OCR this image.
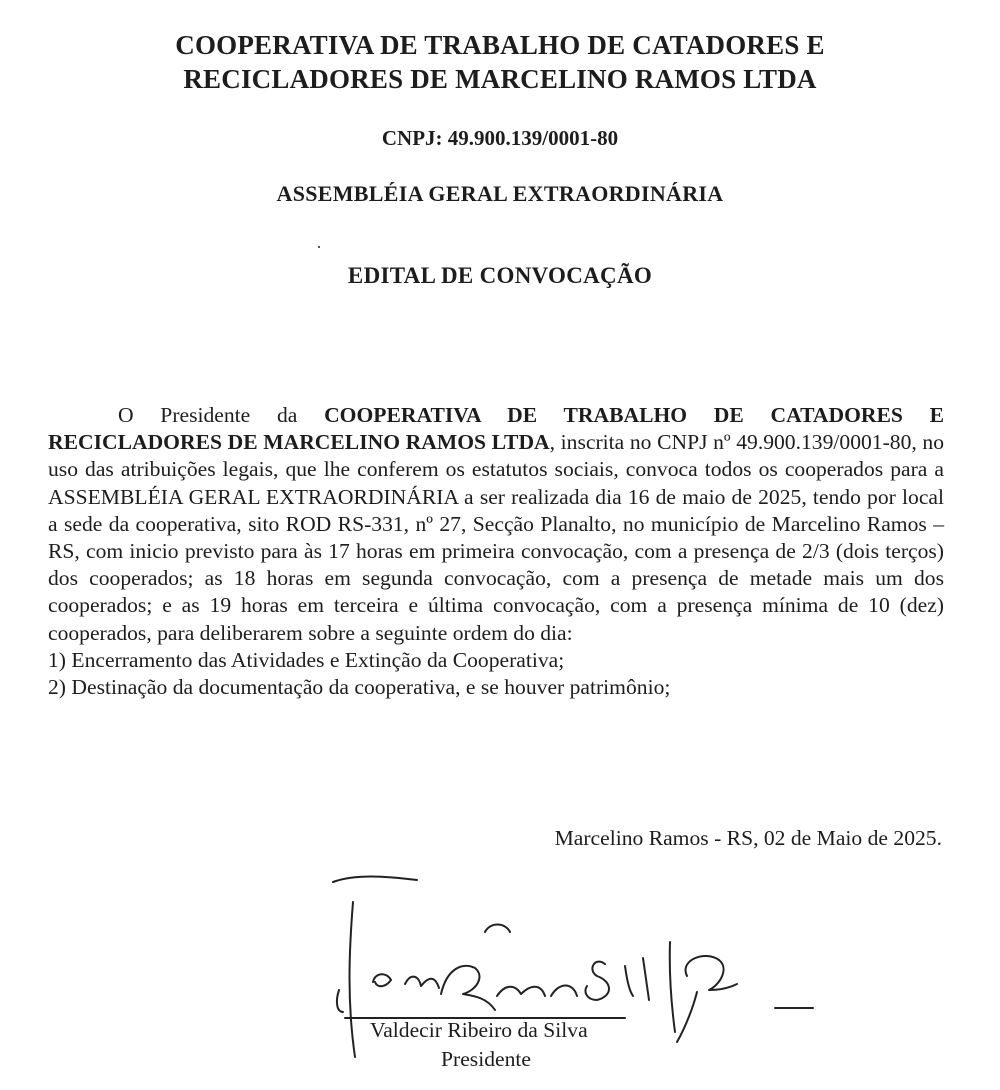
COOPERATIVA DE TRABALHO DE CATADORES E
RECICLADORES DE MARCELINO RAMOS LTDA
CNPJ: 49.900.139/0001-80
ASSEMBLÉIA GERAL EXTRAORDINÁRIA
EDITAL DE CONVOCAÇÃO

O Presidente da COOPERATIVA DE TRABALHO DE CATADORES E RECICLADORES DE MARCELINO RAMOS LTDA, inscrita no CNPJ nº 49.900.139/0001-80, no uso das atribuições legais, que lhe conferem os estatutos sociais, convoca todos os cooperados para a ASSEMBLÉIA GERAL EXTRAORDINÁRIA a ser realizada dia 16 de maio de 2025, tendo por local a sede da cooperativa, sito ROD RS-331, nº 27, Secção Planalto, no município de Marcelino Ramos – RS, com inicio previsto para às 17 horas em primeira convocação, com a presença de 2/3 (dois terços) dos cooperados; as 18 horas em segunda convocação, com a presença de metade mais um dos cooperados; e as 19 horas em terceira e última convocação, com a presença mínima de 10 (dez) cooperados, para deliberarem sobre a seguinte ordem do dia:

1) Encerramento das Atividades e Extinção da Cooperativa;
2) Destinação da documentação da cooperativa, e se houver patrimônio;
Marcelino Ramos - RS, 02 de Maio de 2025.
Valdecir Ribeiro da Silva
Presidente
